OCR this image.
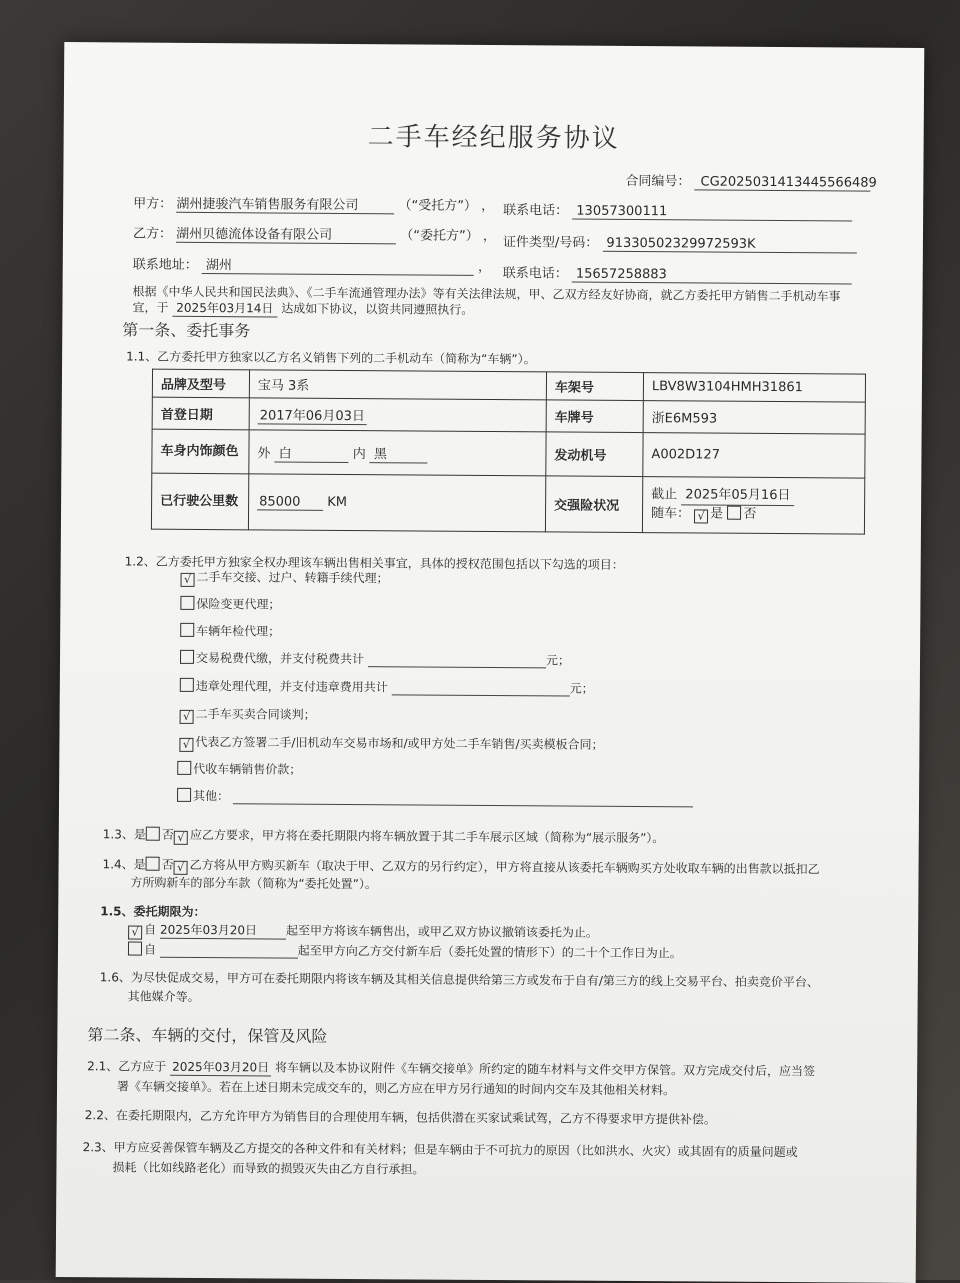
二手车经纪服务协议
合同编号： CG2025031413445566489
甲方： 湖州捷骏汽车销售服务有限公司	（“受托方”） ， 联系电话： 13057300111
乙方： 湖州贝德流体设备有限公司	（“委托方”） ， 证件类型/号码： 91330502329972593K
联系地址： 湖州	， 联系电话： 15657258883
根据《中华人民共和国民法典》、《二手车流通管理办法》等有关法律法规，甲、乙双方经友好协商，就乙方委托甲方销售二手机动车事
宜，于 2025年03月14日 达成如下协议，以资共同遵照执行。
第一条、委托事务
1.1、乙方委托甲方独家以乙方名义销售下列的二手机动车（简称为“车辆”）。
品牌及型号	宝马 3系	车架号	LBV8W3104HMH31861
首登日期	2017年06月03日	车牌号	浙E6M593
车身内饰颜色	外 白 内 黑	发动机号	A002D127
已行驶公里数	85000 KM	交强险状况	截止 2025年05月16日
随车： √ 是 否
1.2、乙方委托甲方独家全权办理该车辆出售相关事宜，具体的授权范围包括以下勾选的项目：
√ 二手车交接、过户、转籍手续代理；
保险变更代理；
车辆年检代理；
交易税费代缴，并支付税费共计	元；
违章处理代理，并支付违章费用共计	元；
√ 二手车买卖合同谈判；
√ 代表乙方签署二手/旧机动车交易市场和/或甲方处二手车销售/买卖模板合同；
代收车辆销售价款；
其他：
1.3、是 否 √ 应乙方要求，甲方将在委托期限内将车辆放置于其二手车展示区域（简称为“展示服务”）。
1.4、是 否 √ 乙方将从甲方购买新车（取决于甲、乙双方的另行约定），甲方将直接从该委托车辆购买方处收取车辆的出售款以抵扣乙
方所购新车的部分车款（简称为“委托处置”）。
1.5、委托期限为：
√ 自 2025年03月20日 起至甲方将该车辆售出，或甲乙双方协议撤销该委托为止。
自	起至甲方向乙方交付新车后（委托处置的情形下）的二十个工作日为止。
1.6、为尽快促成交易，甲方可在委托期限内将该车辆及其相关信息提供给第三方或发布于自有/第三方的线上交易平台、拍卖竞价平台、
其他媒介等。
第二条、车辆的交付，保管及风险
2.1、乙方应于 2025年03月20日 将车辆以及本协议附件《车辆交接单》所约定的随车材料与文件交甲方保管。双方完成交付后，应当签
署《车辆交接单》。若在上述日期未完成交车的，则乙方应在甲方另行通知的时间内交车及其他相关材料。
2.2、在委托期限内，乙方允许甲方为销售目的合理使用车辆，包括供潜在买家试乘试驾，乙方不得要求甲方提供补偿。
2.3、甲方应妥善保管车辆及乙方提交的各种文件和有关材料；但是车辆由于不可抗力的原因（比如洪水、火灾）或其固有的质量问题或
损耗（比如线路老化）而导致的损毁灭失由乙方自行承担。
